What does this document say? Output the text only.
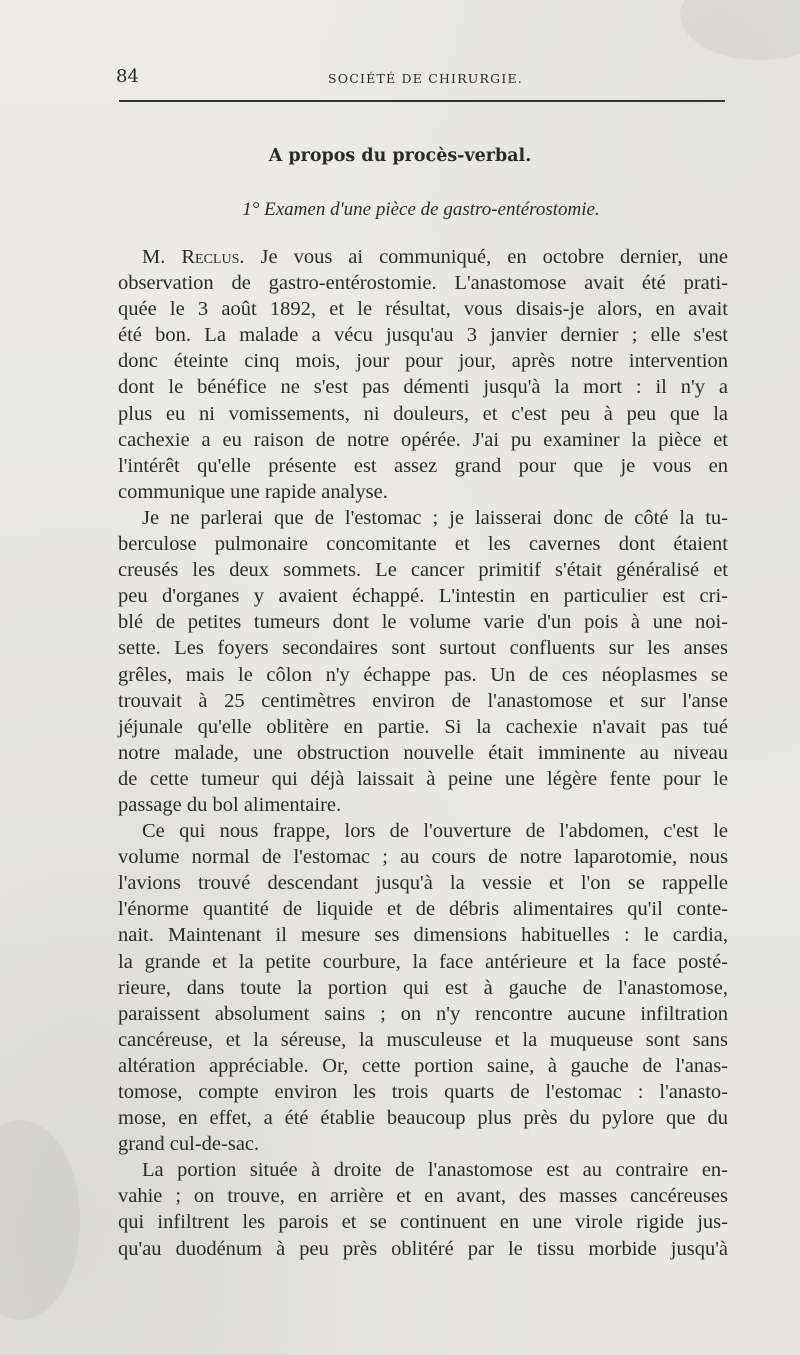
84	SOCIÉTÉ DE CHIRURGIE.
A propos du procès-verbal.
1° Examen d'une pièce de gastro-entérostomie.
M. Reclus. Je vous ai communiqué, en octobre dernier, une
observation de gastro-entérostomie. L'anastomose avait été prati-
quée le 3 août 1892, et le résultat, vous disais-je alors, en avait
été bon. La malade a vécu jusqu'au 3 janvier dernier ; elle s'est
donc éteinte cinq mois, jour pour jour, après notre intervention
dont le bénéfice ne s'est pas démenti jusqu'à la mort : il n'y a
plus eu ni vomissements, ni douleurs, et c'est peu à peu que la
cachexie a eu raison de notre opérée. J'ai pu examiner la pièce et
l'intérêt qu'elle présente est assez grand pour que je vous en
communique une rapide analyse.
Je ne parlerai que de l'estomac ; je laisserai donc de côté la tu-
berculose pulmonaire concomitante et les cavernes dont étaient
creusés les deux sommets. Le cancer primitif s'était généralisé et
peu d'organes y avaient échappé. L'intestin en particulier est cri-
blé de petites tumeurs dont le volume varie d'un pois à une noi-
sette. Les foyers secondaires sont surtout confluents sur les anses
grêles, mais le côlon n'y échappe pas. Un de ces néoplasmes se
trouvait à 25 centimètres environ de l'anastomose et sur l'anse
jéjunale qu'elle oblitère en partie. Si la cachexie n'avait pas tué
notre malade, une obstruction nouvelle était imminente au niveau
de cette tumeur qui déjà laissait à peine une légère fente pour le
passage du bol alimentaire.
Ce qui nous frappe, lors de l'ouverture de l'abdomen, c'est le
volume normal de l'estomac ; au cours de notre laparotomie, nous
l'avions trouvé descendant jusqu'à la vessie et l'on se rappelle
l'énorme quantité de liquide et de débris alimentaires qu'il conte-
nait. Maintenant il mesure ses dimensions habituelles : le cardia,
la grande et la petite courbure, la face antérieure et la face posté-
rieure, dans toute la portion qui est à gauche de l'anastomose,
paraissent absolument sains ; on n'y rencontre aucune infiltration
cancéreuse, et la séreuse, la musculeuse et la muqueuse sont sans
altération appréciable. Or, cette portion saine, à gauche de l'anas-
tomose, compte environ les trois quarts de l'estomac : l'anasto-
mose, en effet, a été établie beaucoup plus près du pylore que du
grand cul-de-sac.
La portion située à droite de l'anastomose est au contraire en-
vahie ; on trouve, en arrière et en avant, des masses cancéreuses
qui infiltrent les parois et se continuent en une virole rigide jus-
qu'au duodénum à peu près oblitéré par le tissu morbide jusqu'à
